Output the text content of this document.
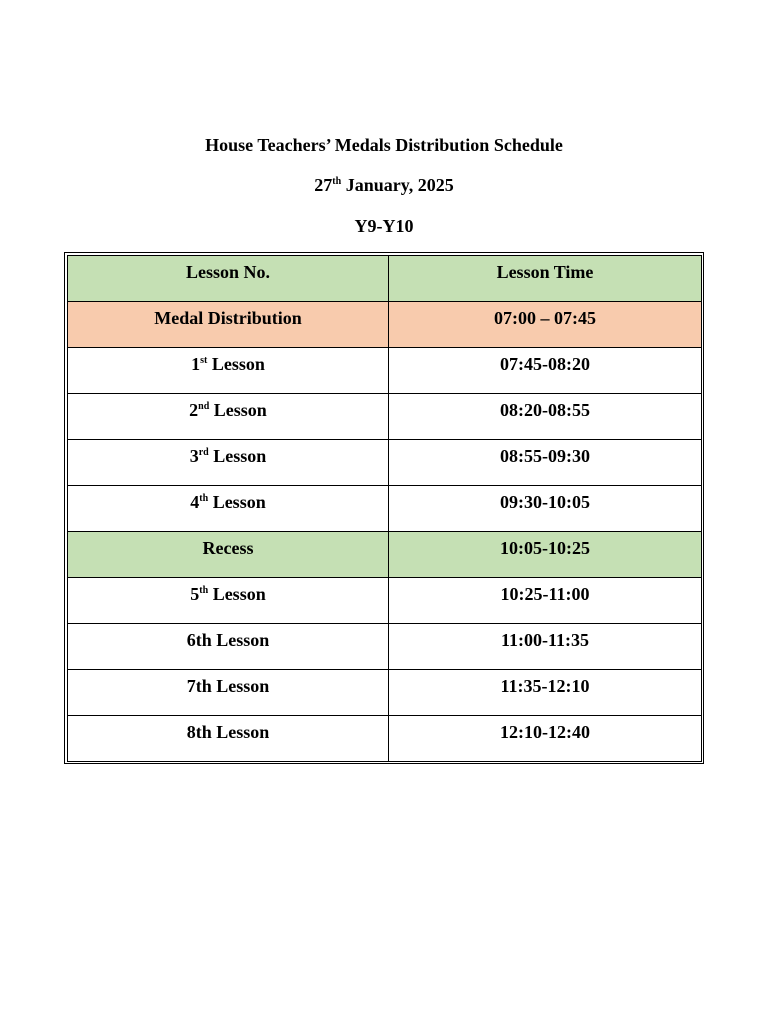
House Teachers’ Medals Distribution Schedule

27th January, 2025

Y9-Y10

Lesson No.	Lesson Time
Medal Distribution	07:00 – 07:45
1st Lesson	07:45-08:20
2nd Lesson	08:20-08:55
3rd Lesson	08:55-09:30
4th Lesson	09:30-10:05
Recess	10:05-10:25
5th Lesson	10:25-11:00
6th Lesson	11:00-11:35
7th Lesson	11:35-12:10
8th Lesson	12:10-12:40
